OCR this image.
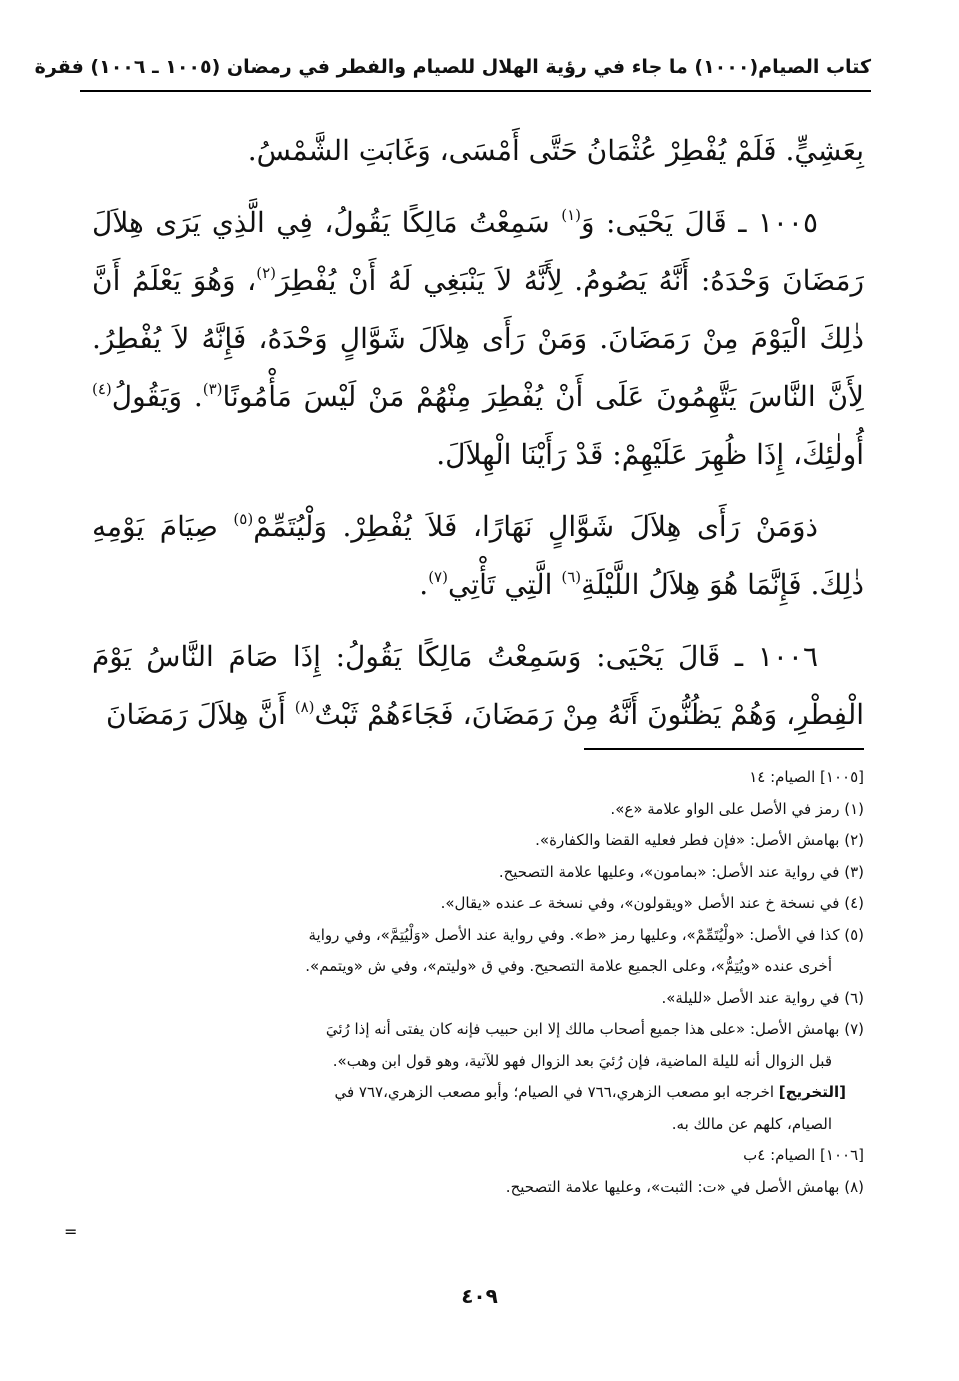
كتاب الصيام
(١٠٠٠) ما جاء في رؤية الهلال للصيام والفطر في رمضان (١٠٠٥ ـ ١٠٠٦) فقرة

بِعَشِيٍّ. فَلَمْ يُفْطِرْ عُثْمَانُ حَتَّى أَمْسَى، وَغَابَتِ الشَّمْسُ.

١٠٠٥ ـ قَالَ يَحْيَى: وَ$^{(١)}$ سَمِعْتُ مَالِكًا يَقُولُ، فِي الَّذِي يَرَى هِلاَلَ رَمَضَانَ وَحْدَهُ: أَنَّهُ يَصُومُ. لِأَنَّهُ لاَ يَنْبَغِي لَهُ أَنْ يُفْطِرَ$^{(٢)}$، وَهُوَ يَعْلَمُ أَنَّ ذٰلِكَ الْيَوْمَ مِنْ رَمَضَانَ. وَمَنْ رَأَى هِلاَلَ شَوَّالٍ وَحْدَهُ، فَإِنَّهُ لاَ يُفْطِرُ. لِأَنَّ النَّاسَ يَتَّهِمُونَ عَلَى أَنْ يُفْطِرَ مِنْهُمْ مَنْ لَيْسَ مَأْمُونًا$^{(٣)}$. وَيَقُولُ$^{(٤)}$ أُولٰئِكَ، إِذَا ظُهِرَ عَلَيْهِمْ: قَدْ رَأَيْنَا الْهِلاَلَ.

ذوَمَنْ رَأَى هِلاَلَ شَوَّالٍ نَهَارًا، فَلاَ يُفْطِرْ. وَلْيُتَمِّمْ$^{(٥)}$ صِيَامَ يَوْمِهِ ذٰلِكَ. فَإِنَّمَا هُوَ هِلاَلُ اللَّيْلَةِ$^{(٦)}$ الَّتِي تَأْتِي$^{(٧)}$.

١٠٠٦ ـ قَالَ يَحْيَى: وَسَمِعْتُ مَالِكًا يَقُولُ: إِذَا صَامَ النَّاسُ يَوْمَ الْفِطْرِ، وَهُمْ يَظُنُّونَ أَنَّهُ مِنْ رَمَضَانَ، فَجَاءَهُمْ ثَبْتٌ$^{(٨)}$ أَنَّ هِلاَلَ رَمَضَانَ

[١٠٠٥] الصيام: ١٤

(١) رمز في الأصل على الواو علامة «ع».

(٢) بهامش الأصل: «فإن فطر فعليه القضا والكفارة».

(٣) في رواية عند الأصل: «بمامون»، وعليها علامة التصحيح.

(٤) في نسخة خ عند الأصل «ويقولون»، وفي نسخة عـ عنده «يقال».

(٥) كذا في الأصل: «ولْيُتَمِّمْ»، وعليها رمز «ط». وفي رواية عند الأصل «وَلْيُتِمَّ»، وفي رواية

أخرى عنده «ويُتِمُّ»، وعلى الجميع علامة التصحيح. وفي ق «وليتم»، وفي ش «ويتمم».

(٦) في رواية عند الأصل «لليلة».

(٧) بهامش الأصل: «على هذا جميع أصحاب مالك إلا ابن حبيب فإنه كان يفتى أنه إذا رُئيَ

قبل الزوال أنه لليلة الماضية، فإن رُئيَ بعد الزوال فهو للآتية، وهو قول ابن وهب».

[التخريج] اخرجه ابو مصعب الزهري،٧٦٦ في الصيام؛ وأبو مصعب الزهري،٧٦٧ في

الصيام، كلهم عن مالك به.

[١٠٠٦] الصيام: ٤ب

(٨) بهامش الأصل في «ت: الثبت»، وعليها علامة التصحيح.

=
٤٠٩
